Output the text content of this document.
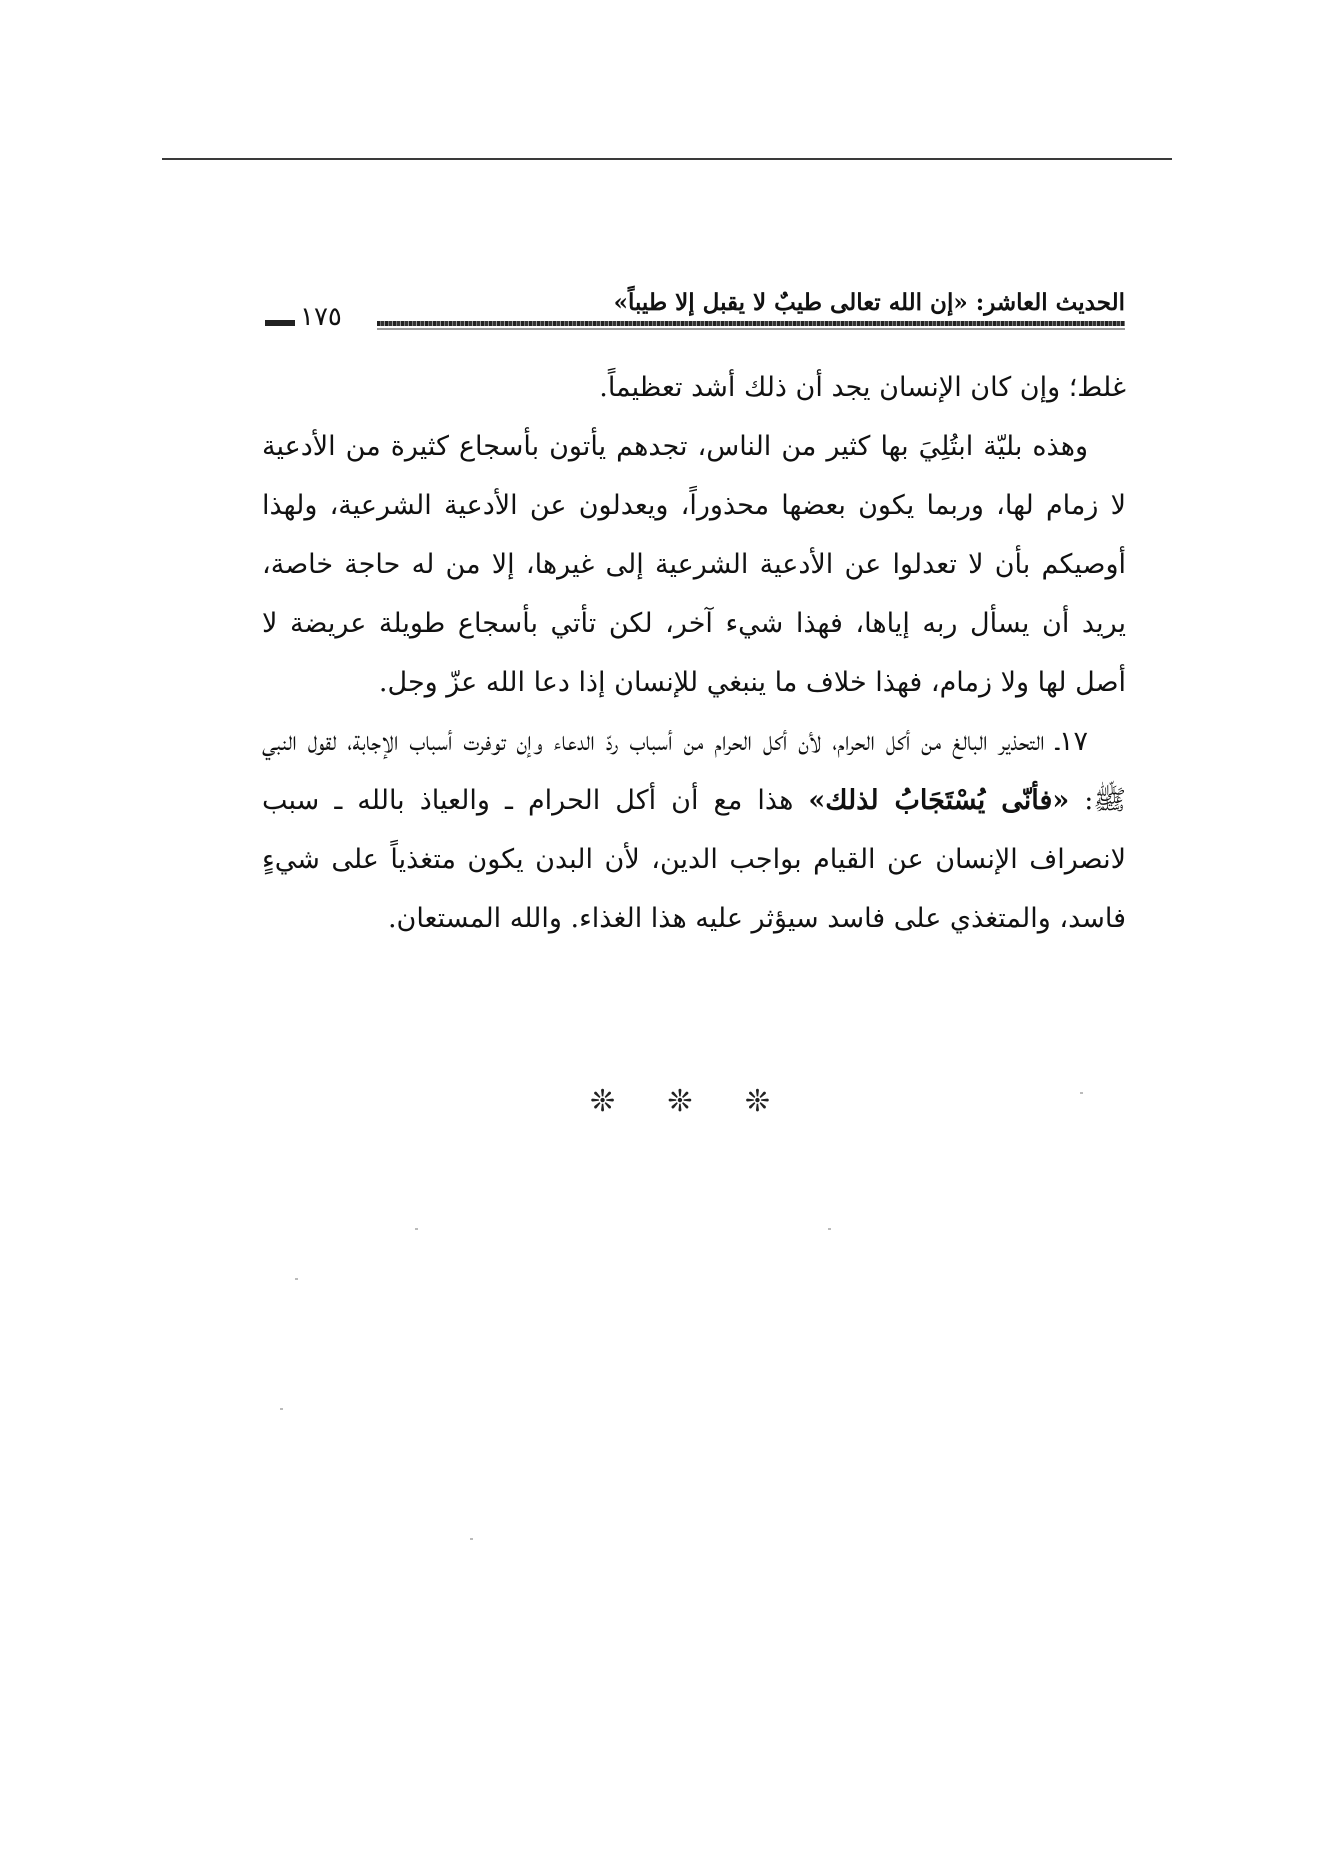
الحديث العاشر: «إن الله تعالى طيبٌ لا يقبل إلا طيباً»
١٧٥

غلط؛ وإن كان الإنسان يجد أن ذلك أشد تعظيماً.

وهذه بليّة ابتُلِيَ بها كثير من الناس، تجدهم يأتون بأسجاع كثيرة من الأدعية لا زمام لها، وربما يكون بعضها محذوراً، ويعدلون عن الأدعية الشرعية، ولهذا أوصيكم بأن لا تعدلوا عن الأدعية الشرعية إلى غيرها، إلا من له حاجة خاصة، يريد أن يسأل ربه إياها، فهذا شيء آخر، لكن تأتي بأسجاع طويلة عريضة لا أصل لها ولا زمام، فهذا خلاف ما ينبغي للإنسان إذا دعا الله عزّ وجل.

١٧ـ التحذير البالغ من أكل الحرام، لأن أكل الحرام من أسباب ردّ الدعاء وإن توفرت أسباب الإجابة، لقول النبي ﷺ: «فأنّى يُسْتَجَابُ لذلك» هذا مع أن أكل الحرام ـ والعياذ بالله ـ سبب لانصراف الإنسان عن القيام بواجب الدين، لأن البدن يكون متغذياً على شيءٍ فاسد، والمتغذي على فاسد سيؤثر عليه هذا الغذاء. والله المستعان.

❊ ❊ ❊
